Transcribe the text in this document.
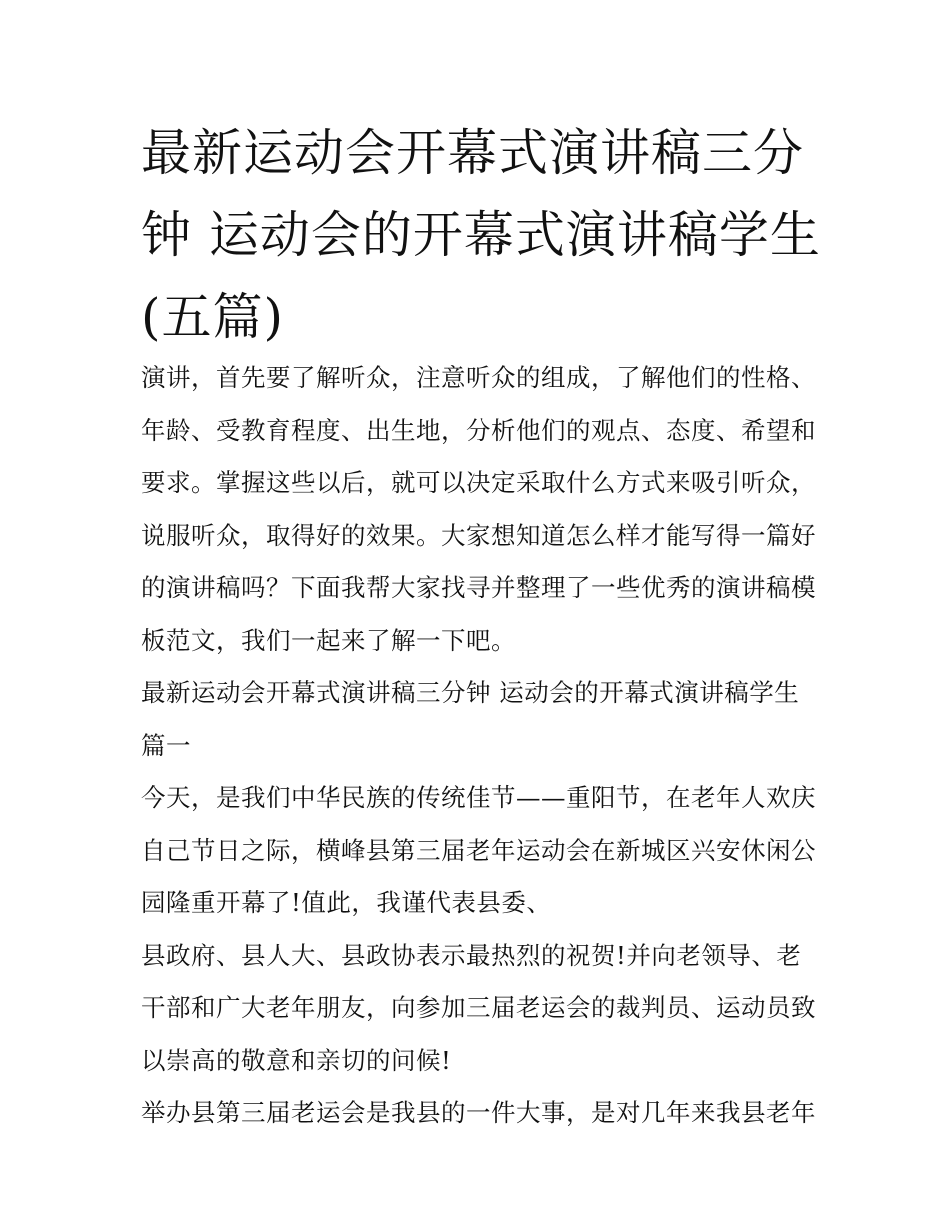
最新运动会开幕式演讲稿三分
钟 运动会的开幕式演讲稿学生
(五篇)
演讲，首先要了解听众，注意听众的组成，了解他们的性格、
年龄、受教育程度、出生地，分析他们的观点、态度、希望和
要求。掌握这些以后，就可以决定采取什么方式来吸引听众，
说服听众，取得好的效果。大家想知道怎么样才能写得一篇好
的演讲稿吗？下面我帮大家找寻并整理了一些优秀的演讲稿模
板范文，我们一起来了解一下吧。
最新运动会开幕式演讲稿三分钟 运动会的开幕式演讲稿学生
篇一
今天，是我们中华民族的传统佳节——重阳节，在老年人欢庆
自己节日之际，横峰县第三届老年运动会在新城区兴安休闲公
园隆重开幕了!值此，我谨代表县委、
县政府、县人大、县政协表示最热烈的祝贺!并向老领导、老
干部和广大老年朋友，向参加三届老运会的裁判员、运动员致
以崇高的敬意和亲切的问候!
举办县第三届老运会是我县的一件大事，是对几年来我县老年
